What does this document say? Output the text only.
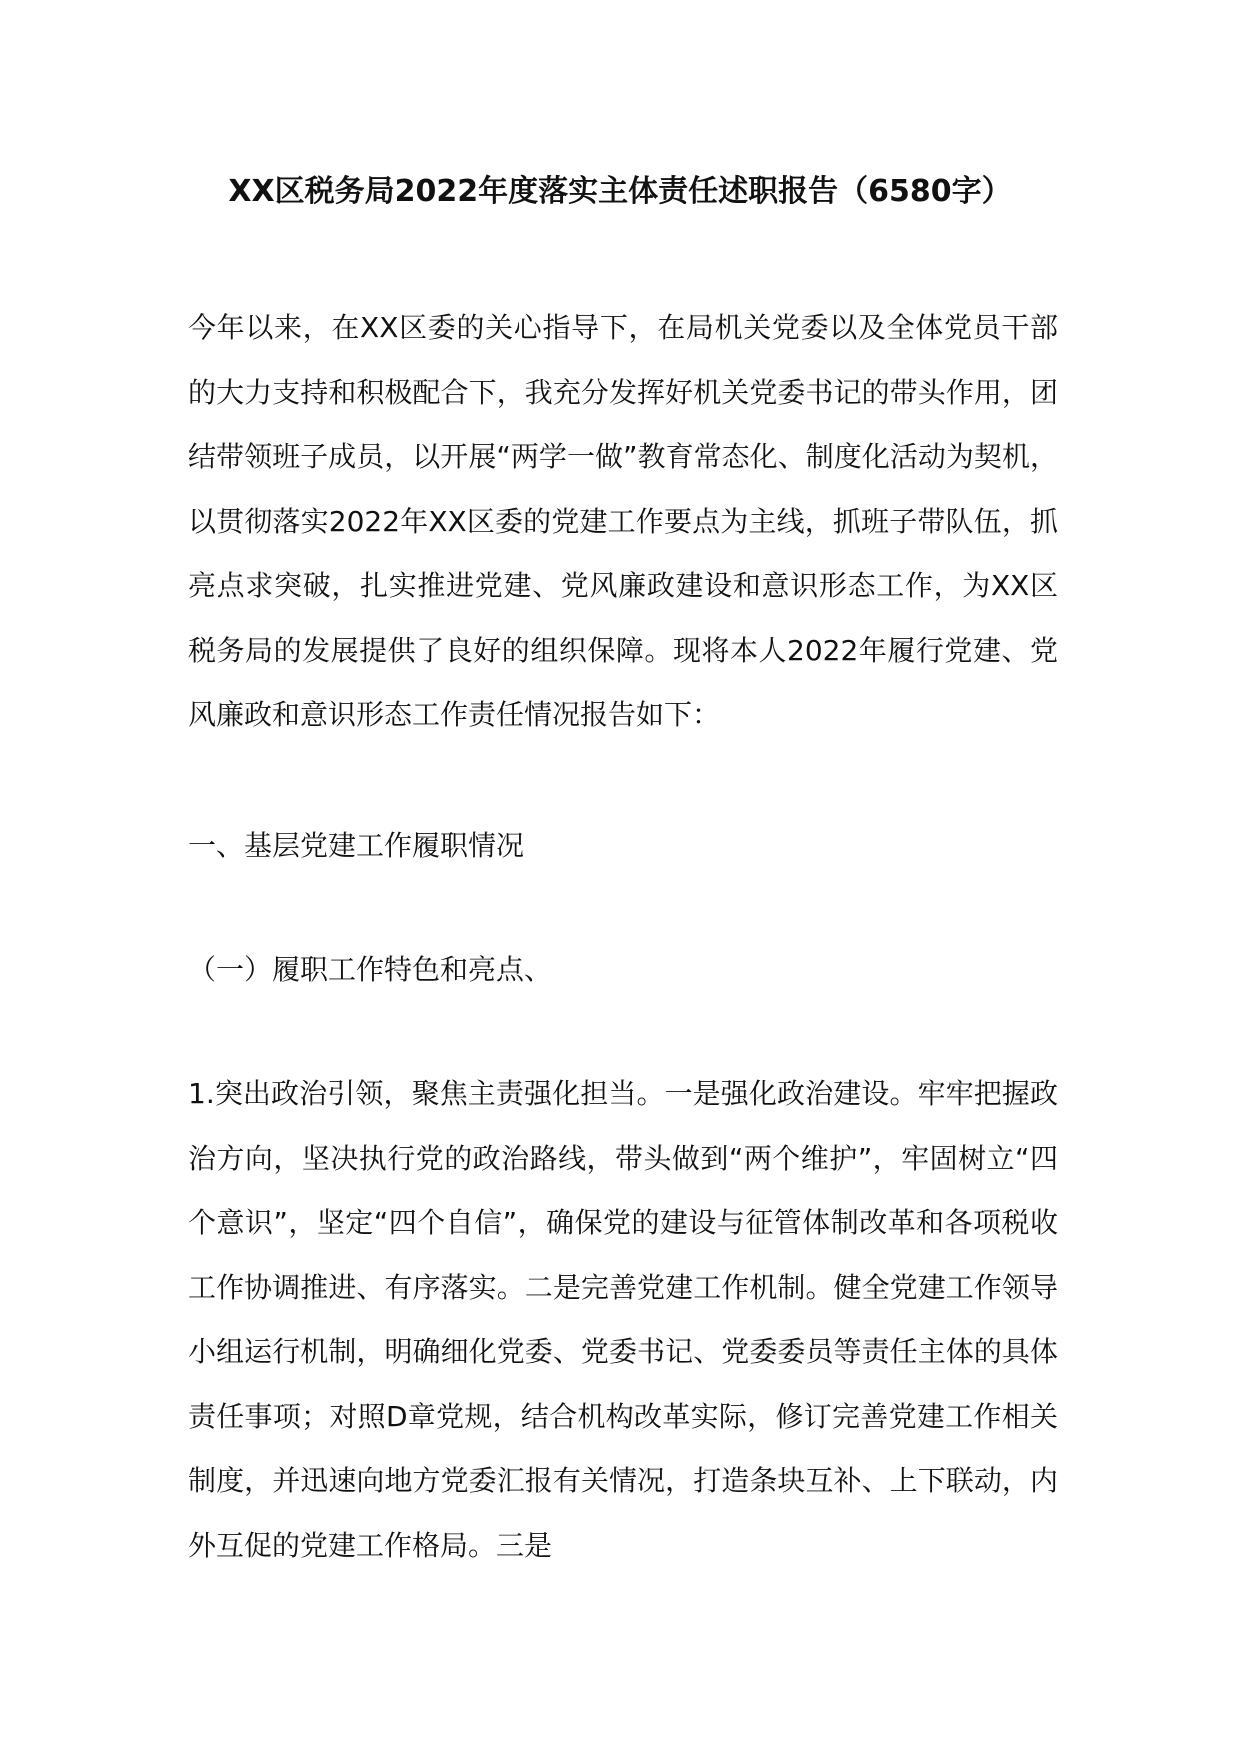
XX区税务局2022年度落实主体责任述职报告（6580字）

今年以来，在XX区委的关心指导下，在局机关党委以及全体党员干部的大力支持和积极配合下，我充分发挥好机关党委书记的带头作用，团结带领班子成员，以开展“两学一做”教育常态化、制度化活动为契机，以贯彻落实2022年XX区委的党建工作要点为主线，抓班子带队伍，抓亮点求突破，扎实推进党建、党风廉政建设和意识形态工作，为XX区税务局的发展提供了良好的组织保障。现将本人2022年履行党建、党风廉政和意识形态工作责任情况报告如下：

一、基层党建工作履职情况

（一）履职工作特色和亮点、

1.突出政治引领，聚焦主责强化担当。一是强化政治建设。牢牢把握政治方向，坚决执行党的政治路线，带头做到“两个维护”，牢固树立“四个意识”，坚定“四个自信”，确保党的建设与征管体制改革和各项税收工作协调推进、有序落实。二是完善党建工作机制。健全党建工作领导小组运行机制，明确细化党委、党委书记、党委委员等责任主体的具体责任事项；对照D章党规，结合机构改革实际，修订完善党建工作相关制度，并迅速向地方党委汇报有关情况，打造条块互补、上下联动，内外互促的党建工作格局。三是
